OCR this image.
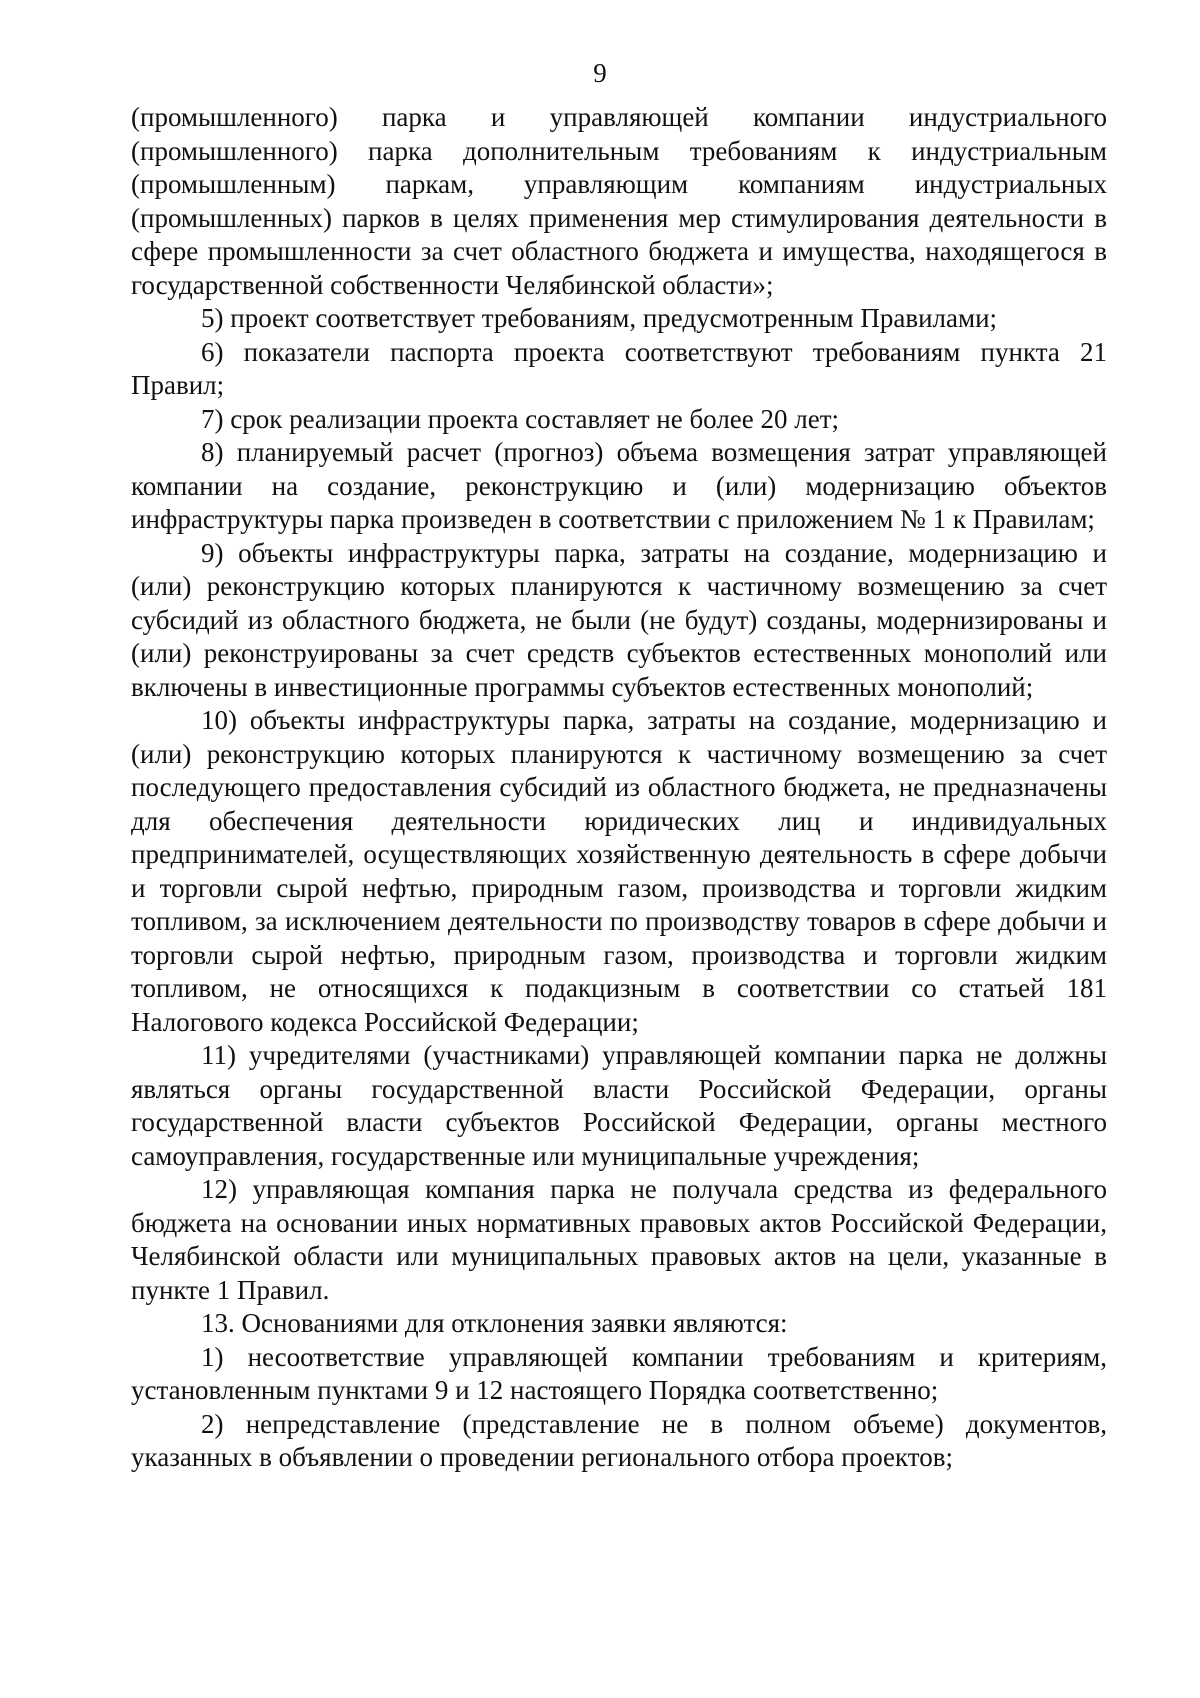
9

(промышленного) парка и управляющей компании индустриального (промышленного) парка дополнительным требованиям к индустриальным (промышленным) паркам, управляющим компаниям индустриальных (промышленных) парков в целях применения мер стимулирования деятельности в сфере промышленности за счет областного бюджета и имущества, находящегося в государственной собственности Челябинской области»;

5) проект соответствует требованиям, предусмотренным Правилами;

6) показатели паспорта проекта соответствуют требованиям пункта 21 Правил;

7) срок реализации проекта составляет не более 20 лет;

8) планируемый расчет (прогноз) объема возмещения затрат управляющей компании на создание, реконструкцию и (или) модернизацию объектов инфраструктуры парка произведен в соответствии с приложением № 1 к Правилам;

9) объекты инфраструктуры парка, затраты на создание, модернизацию и (или) реконструкцию которых планируются к частичному возмещению за счет субсидий из областного бюджета, не были (не будут) созданы, модернизированы и (или) реконструированы за счет средств субъектов естественных монополий или включены в инвестиционные программы субъектов естественных монополий;

10) объекты инфраструктуры парка, затраты на создание, модернизацию и (или) реконструкцию которых планируются к частичному возмещению за счет последующего предоставления субсидий из областного бюджета, не предназначены для обеспечения деятельности юридических лиц и индивидуальных предпринимателей, осуществляющих хозяйственную деятельность в сфере добычи и торговли сырой нефтью, природным газом, производства и торговли жидким топливом, за исключением деятельности по производству товаров в сфере добычи и торговли сырой нефтью, природным газом, производства и торговли жидким топливом, не относящихся к подакцизным в соответствии со статьей 181 Налогового кодекса Российской Федерации;

11) учредителями (участниками) управляющей компании парка не должны являться органы государственной власти Российской Федерации, органы государственной власти субъектов Российской Федерации, органы местного самоуправления, государственные или муниципальные учреждения;

12) управляющая компания парка не получала средства из федерального бюджета на основании иных нормативных правовых актов Российской Федерации, Челябинской области или муниципальных правовых актов на цели, указанные в пункте 1 Правил.

13. Основаниями для отклонения заявки являются:

1) несоответствие управляющей компании требованиям и критериям, установленным пунктами 9 и 12 настоящего Порядка соответственно;

2) непредставление (представление не в полном объеме) документов, указанных в объявлении о проведении регионального отбора проектов;
